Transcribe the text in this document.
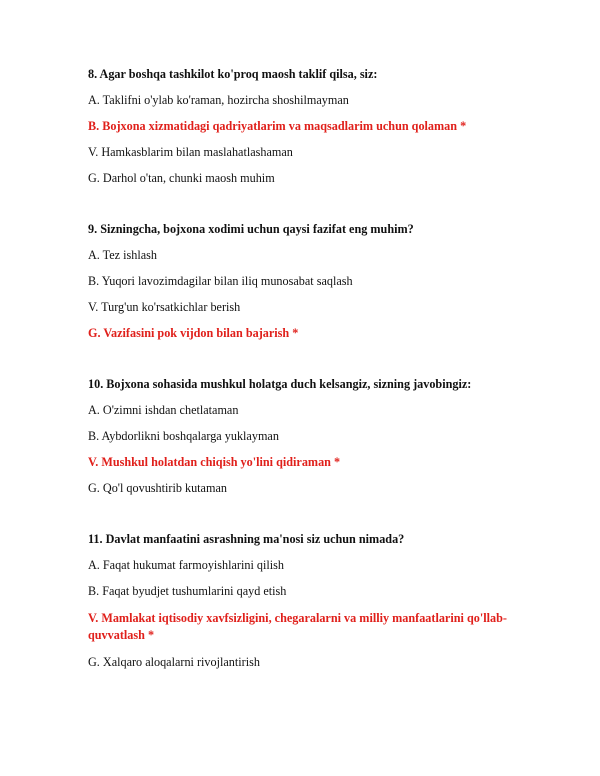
8. Agar boshqa tashkilot ko'proq maosh taklif qilsa, siz:

A. Taklifni o'ylab ko'raman, hozircha shoshilmayman

B. Bojxona xizmatidagi qadriyatlarim va maqsadlarim uchun qolaman *

V. Hamkasblarim bilan maslahatlashaman

G. Darhol o'tan, chunki maosh muhim

9. Sizningcha, bojxona xodimi uchun qaysi fazifat eng muhim?

A. Tez ishlash

B. Yuqori lavozimdagilar bilan iliq munosabat saqlash

V. Turg'un ko'rsatkichlar berish

G. Vazifasini pok vijdon bilan bajarish *

10. Bojxona sohasida mushkul holatga duch kelsangiz, sizning javobingiz:

A. O'zimni ishdan chetlataman

B. Aybdorlikni boshqalarga yuklayman

V. Mushkul holatdan chiqish yo'lini qidiraman *

G. Qo'l qovushtirib kutaman

11. Davlat manfaatini asrashning ma'nosi siz uchun nimada?

A. Faqat hukumat farmoyishlarini qilish

B. Faqat byudjet tushumlarini qayd etish

V. Mamlakat iqtisodiy xavfsizligini, chegaralarni va milliy manfaatlarini qo'llab-quvvatlash *

G. Xalqaro aloqalarni rivojlantirish
